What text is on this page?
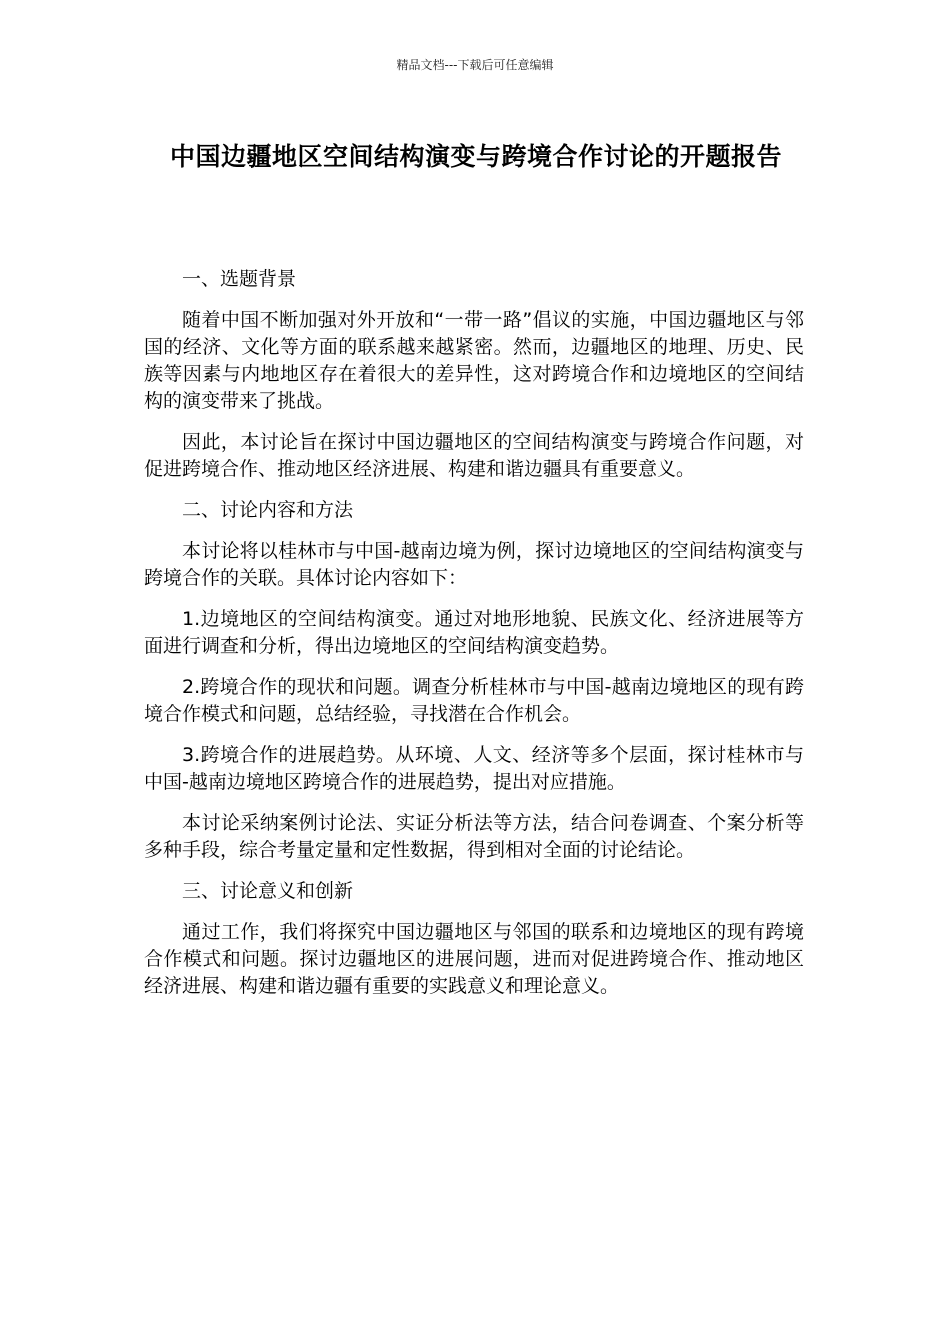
精品文档---下载后可任意编辑
中国边疆地区空间结构演变与跨境合作讨论的开题报告

一、选题背景

随着中国不断加强对外开放和“一带一路”倡议的实施，中国边疆地区与邻国的经济、文化等方面的联系越来越紧密。然而，边疆地区的地理、历史、民族等因素与内地地区存在着很大的差异性，这对跨境合作和边境地区的空间结构的演变带来了挑战。

因此，本讨论旨在探讨中国边疆地区的空间结构演变与跨境合作问题，对促进跨境合作、推动地区经济进展、构建和谐边疆具有重要意义。

二、讨论内容和方法

本讨论将以桂林市与中国-越南边境为例，探讨边境地区的空间结构演变与跨境合作的关联。具体讨论内容如下：

1.边境地区的空间结构演变。通过对地形地貌、民族文化、经济进展等方面进行调查和分析，得出边境地区的空间结构演变趋势。

2.跨境合作的现状和问题。调查分析桂林市与中国-越南边境地区的现有跨境合作模式和问题，总结经验，寻找潜在合作机会。

3.跨境合作的进展趋势。从环境、人文、经济等多个层面，探讨桂林市与中国-越南边境地区跨境合作的进展趋势，提出对应措施。

本讨论采纳案例讨论法、实证分析法等方法，结合问卷调查、个案分析等多种手段，综合考量定量和定性数据，得到相对全面的讨论结论。

三、讨论意义和创新

通过工作，我们将探究中国边疆地区与邻国的联系和边境地区的现有跨境合作模式和问题。探讨边疆地区的进展问题，进而对促进跨境合作、推动地区经济进展、构建和谐边疆有重要的实践意义和理论意义。
